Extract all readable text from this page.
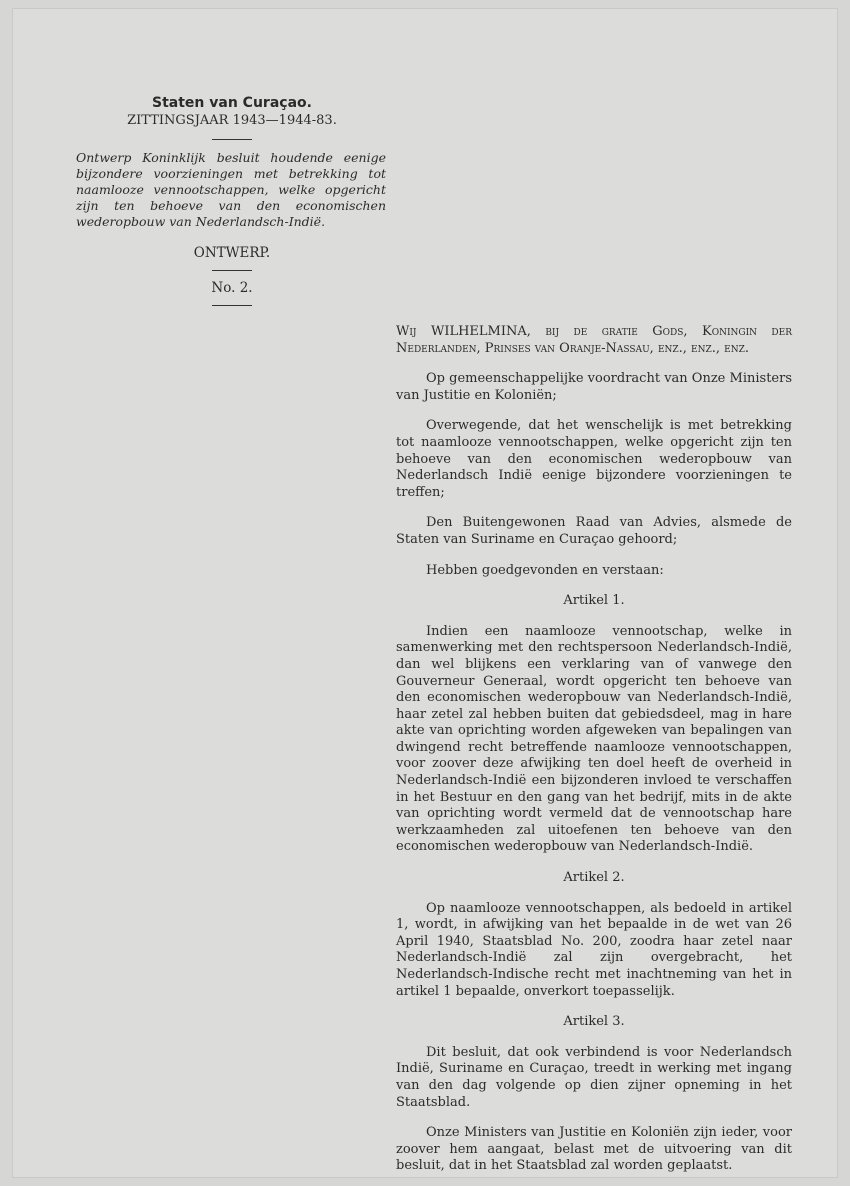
Staten van Curaçao.

ZITTINGSJAAR 1943—1944-83.

Ontwerp Koninklijk besluit houdende eenige bijzondere voorzieningen met betrekking tot naamlooze vennootschappen, welke opgericht zijn ten behoeve van den economischen wederopbouw van Nederlandsch-Indië.

ONTWERP.

No. 2.

Wij WILHELMINA, bij de gratie Gods, Koningin der

Nederlanden, Prinses van Oranje-Nassau, enz., enz., enz.

Op gemeenschappelijke voordracht van Onze Ministers van Justitie en Koloniën;

Overwegende, dat het wenschelijk is met betrekking tot naamlooze vennootschappen, welke opgericht zijn ten behoeve van den economischen wederopbouw van Nederlandsch Indië eenige bijzondere voorzieningen te treffen;

Den Buitengewonen Raad van Advies, alsmede de Staten van Suriname en Curaçao gehoord;

Hebben goedgevonden en verstaan:

Artikel 1.

Indien een naamlooze vennootschap, welke in samenwerking met den rechtspersoon Nederlandsch-Indië, dan wel blijkens een verklaring van of vanwege den Gouverneur Generaal, wordt opgericht ten behoeve van den economischen wederopbouw van Nederlandsch-Indië, haar zetel zal hebben buiten dat gebiedsdeel, mag in hare akte van oprichting worden afgeweken van bepalingen van dwingend recht betreffende naamlooze vennootschappen, voor zoover deze afwijking ten doel heeft de overheid in Nederlandsch-Indië een bijzonderen invloed te verschaffen in het Bestuur en den gang van het bedrijf, mits in de akte van oprichting wordt vermeld dat de vennootschap hare werkzaamheden zal uitoefenen ten behoeve van den economischen wederopbouw van Nederlandsch-Indië.

Artikel 2.

Op naamlooze vennootschappen, als bedoeld in artikel 1, wordt, in afwijking van het bepaalde in de wet van 26 April 1940, Staatsblad No. 200, zoodra haar zetel naar Nederlandsch-Indië zal zijn overgebracht, het Nederlandsch-Indische recht met inachtneming van het in artikel 1 bepaalde, onverkort toepasselijk.

Artikel 3.

Dit besluit, dat ook verbindend is voor Nederlandsch Indië, Suriname en Curaçao, treedt in werking met ingang van den dag volgende op dien zijner opneming in het Staatsblad.

Onze Ministers van Justitie en Koloniën zijn ieder, voor zoover hem aangaat, belast met de uitvoering van dit besluit, dat in het Staatsblad zal worden geplaatst.
